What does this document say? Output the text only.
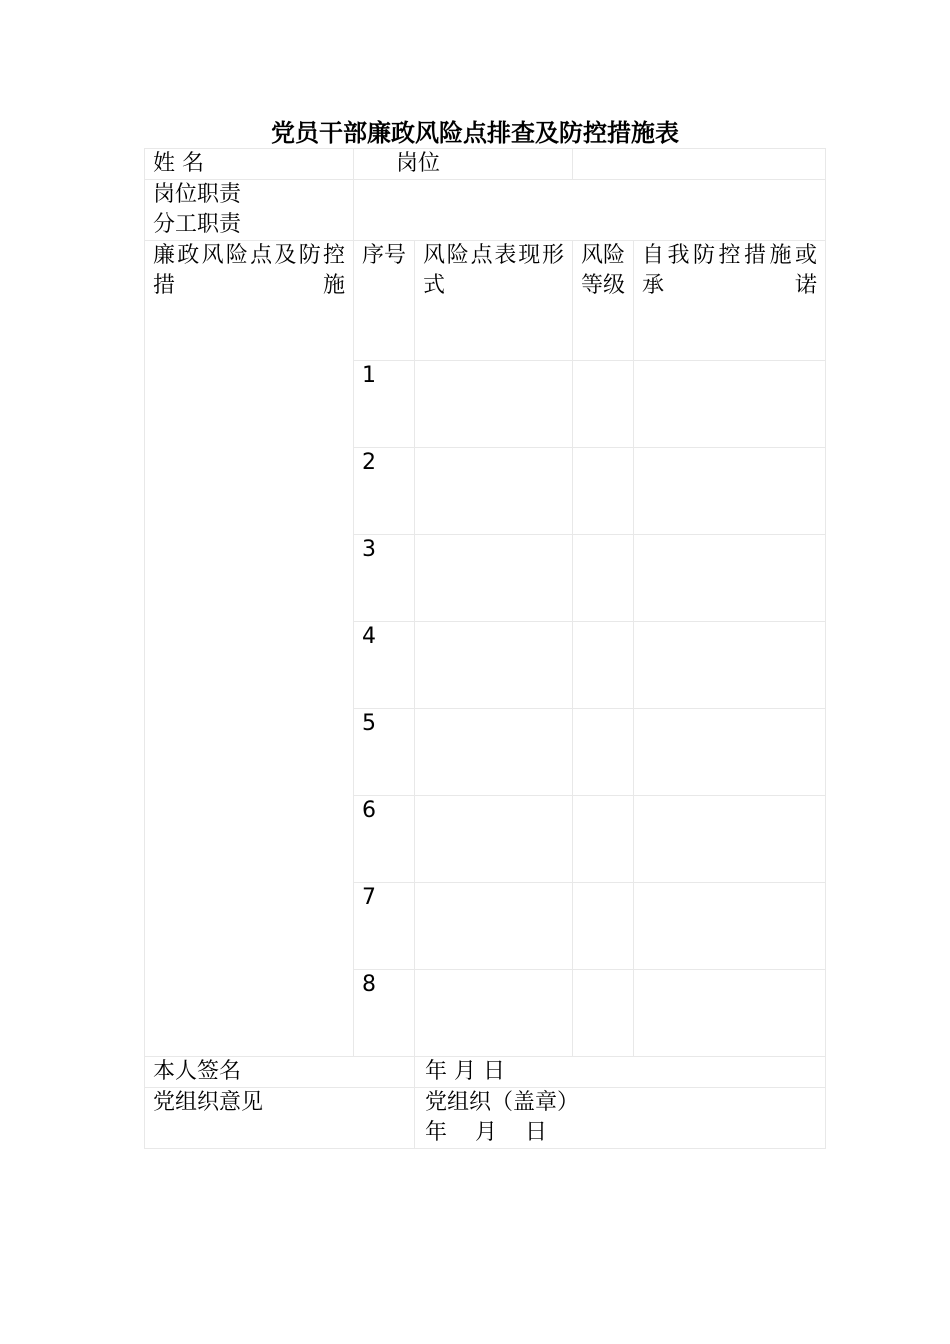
党员干部廉政风险点排查及防控措施表
姓 名	岗位			

岗位职责
分工职责				

廉政风险点及防控措施	序号	风险点表现形式	风险等级	自我防控措施或承诺
	1			
	2			
	3			
	4			
	5			
	6			
	7			
	8			
本人签名		年 月 日		
党组织意见		党组织（盖章）
年    月    日		
